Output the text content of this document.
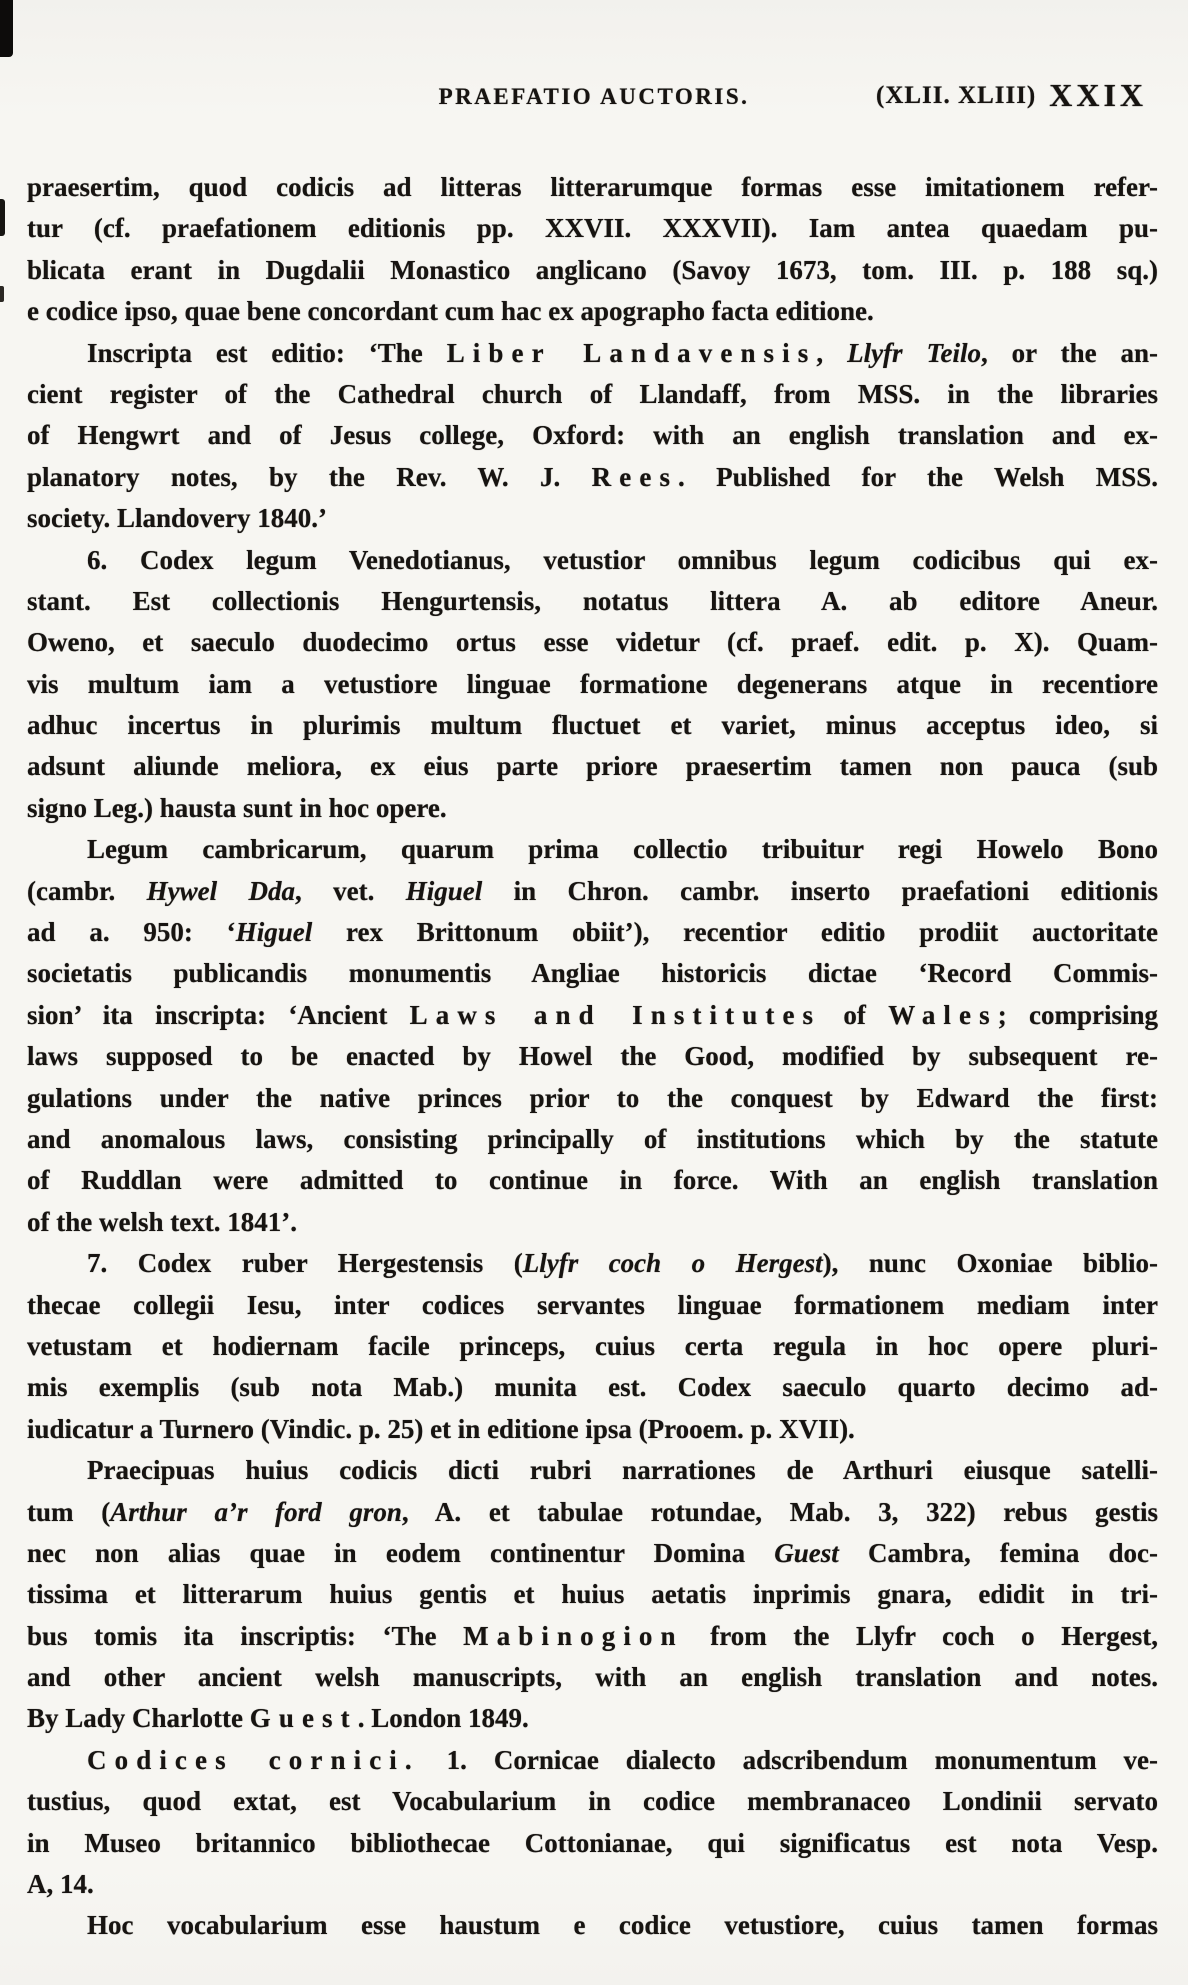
PRAEFATIO AUCTORIS.	(XLII. XLIII) XXIX
praesertim, quod codicis ad litteras litterarumque formas esse imitationem refer-
tur (cf. praefationem editionis pp. XXVII. XXXVII). Iam antea quaedam pu-
blicata erant in Dugdalii Monastico anglicano (Savoy 1673, tom. III. p. 188 sq.)
e codice ipso, quae bene concordant cum hac ex apographo facta editione.
Inscripta est editio: ‘The Liber Landavensis, Llyfr Teilo, or the an-
cient register of the Cathedral church of Llandaff, from MSS. in the libraries
of Hengwrt and of Jesus college, Oxford: with an english translation and ex-
planatory notes, by the Rev. W. J. Rees. Published for the Welsh MSS.
society. Llandovery 1840.’
6. Codex legum Venedotianus, vetustior omnibus legum codicibus qui ex-
stant. Est collectionis Hengurtensis, notatus littera A. ab editore Aneur.
Oweno, et saeculo duodecimo ortus esse videtur (cf. praef. edit. p. X). Quam-
vis multum iam a vetustiore linguae formatione degenerans atque in recentiore
adhuc incertus in plurimis multum fluctuet et variet, minus acceptus ideo, si
adsunt aliunde meliora, ex eius parte priore praesertim tamen non pauca (sub
signo Leg.) hausta sunt in hoc opere.
Legum cambricarum, quarum prima collectio tribuitur regi Howelo Bono
(cambr. Hywel Dda, vet. Higuel in Chron. cambr. inserto praefationi editionis
ad a. 950: ‘Higuel rex Brittonum obiit’), recentior editio prodiit auctoritate
societatis publicandis monumentis Angliae historicis dictae ‘Record Commis-
sion’ ita inscripta: ‘Ancient Laws and Institutes of Wales; comprising
laws supposed to be enacted by Howel the Good, modified by subsequent re-
gulations under the native princes prior to the conquest by Edward the first:
and anomalous laws, consisting principally of institutions which by the statute
of Ruddlan were admitted to continue in force. With an english translation
of the welsh text. 1841’.
7. Codex ruber Hergestensis (Llyfr coch o Hergest), nunc Oxoniae biblio-
thecae collegii Iesu, inter codices servantes linguae formationem mediam inter
vetustam et hodiernam facile princeps, cuius certa regula in hoc opere pluri-
mis exemplis (sub nota Mab.) munita est. Codex saeculo quarto decimo ad-
iudicatur a Turnero (Vindic. p. 25) et in editione ipsa (Prooem. p. XVII).
Praecipuas huius codicis dicti rubri narrationes de Arthuri eiusque satelli-
tum (Arthur a’r ford gron, A. et tabulae rotundae, Mab. 3, 322) rebus gestis
nec non alias quae in eodem continentur Domina Guest Cambra, femina doc-
tissima et litterarum huius gentis et huius aetatis inprimis gnara, edidit in tri-
bus tomis ita inscriptis: ‘The Mabinogion from the Llyfr coch o Hergest,
and other ancient welsh manuscripts, with an english translation and notes.
By Lady Charlotte Guest. London 1849.
Codices cornici. 1. Cornicae dialecto adscribendum monumentum ve-
tustius, quod extat, est Vocabularium in codice membranaceo Londinii servato
in Museo britannico bibliothecae Cottonianae, qui significatus est nota Vesp.
A, 14.
Hoc vocabularium esse haustum e codice vetustiore, cuius tamen formas
